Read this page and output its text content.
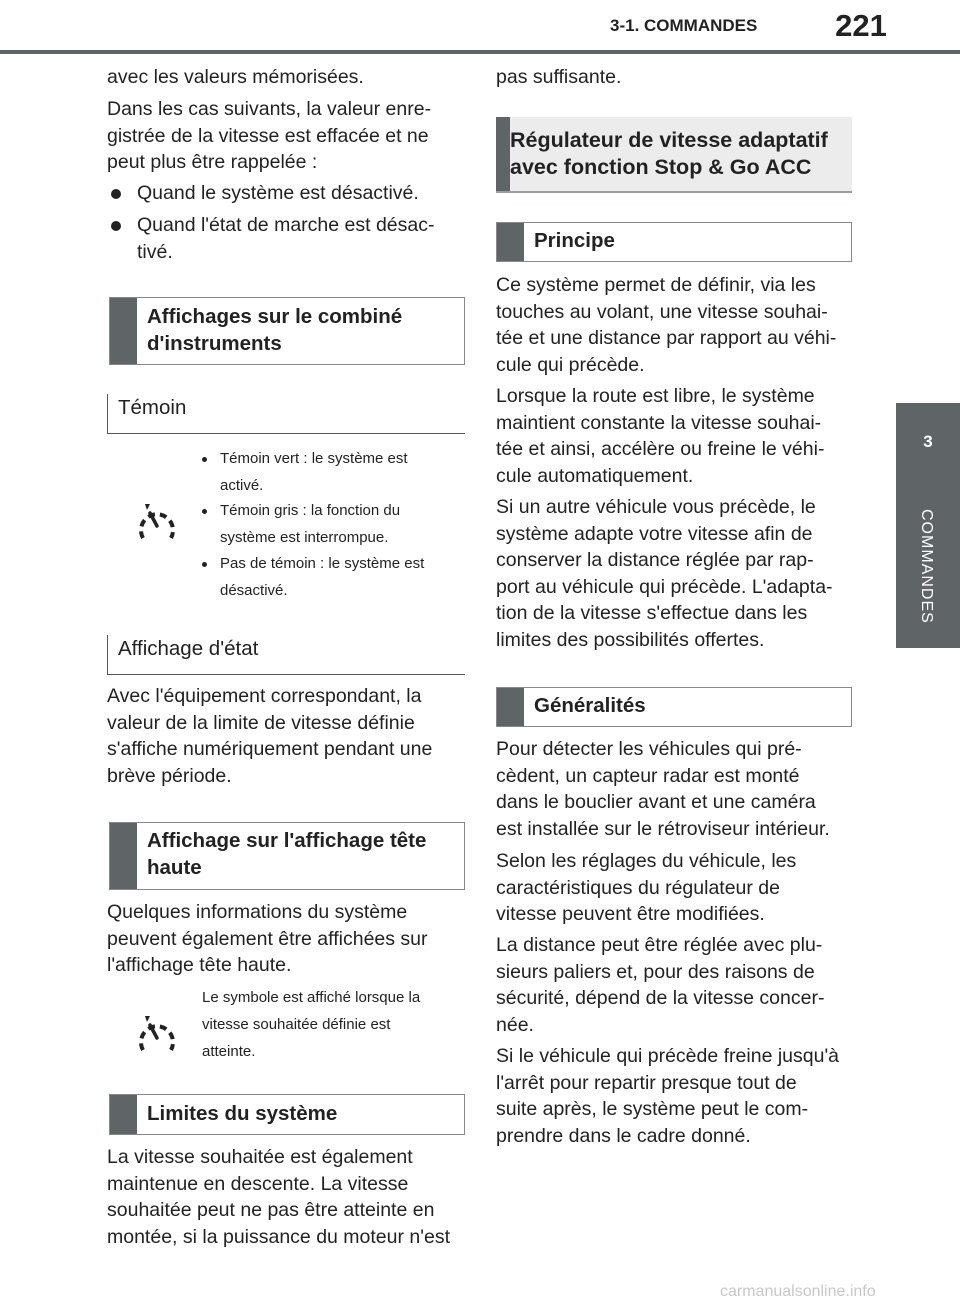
3-1. COMMANDES	221
3
COMMANDES
avec les valeurs mémorisées.
Dans les cas suivants, la valeur enre-
gistrée de la vitesse est effacée et ne
peut plus être rappelée :
Quand le système est désactivé.
Quand l'état de marche est désac-
tivé.
Affichages sur le combiné
d'instruments
Témoin
Témoin vert : le système est
activé.
Témoin gris : la fonction du
système est interrompue.
Pas de témoin : le système est
désactivé.
Affichage d'état
Avec l'équipement correspondant, la
valeur de la limite de vitesse définie
s'affiche numériquement pendant une
brève période.
Affichage sur l'affichage tête
haute
Quelques informations du système
peuvent également être affichées sur
l'affichage tête haute.
Le symbole est affiché lorsque la
vitesse souhaitée définie est
atteinte.
Limites du système
La vitesse souhaitée est également
maintenue en descente. La vitesse
souhaitée peut ne pas être atteinte en
montée, si la puissance du moteur n'est
pas suffisante.
Régulateur de vitesse adaptatif
avec fonction Stop & Go ACC
Principe
Ce système permet de définir, via les
touches au volant, une vitesse souhai-
tée et une distance par rapport au véhi-
cule qui précède.
Lorsque la route est libre, le système
maintient constante la vitesse souhai-
tée et ainsi, accélère ou freine le véhi-
cule automatiquement.
Si un autre véhicule vous précède, le
système adapte votre vitesse afin de
conserver la distance réglée par rap-
port au véhicule qui précède. L'adapta-
tion de la vitesse s'effectue dans les
limites des possibilités offertes.
Généralités
Pour détecter les véhicules qui pré-
cèdent, un capteur radar est monté
dans le bouclier avant et une caméra
est installée sur le rétroviseur intérieur.
Selon les réglages du véhicule, les
caractéristiques du régulateur de
vitesse peuvent être modifiées.
La distance peut être réglée avec plu-
sieurs paliers et, pour des raisons de
sécurité, dépend de la vitesse concer-
née.
Si le véhicule qui précède freine jusqu'à
l'arrêt pour repartir presque tout de
suite après, le système peut le com-
prendre dans le cadre donné.
carmanualsonline.info
